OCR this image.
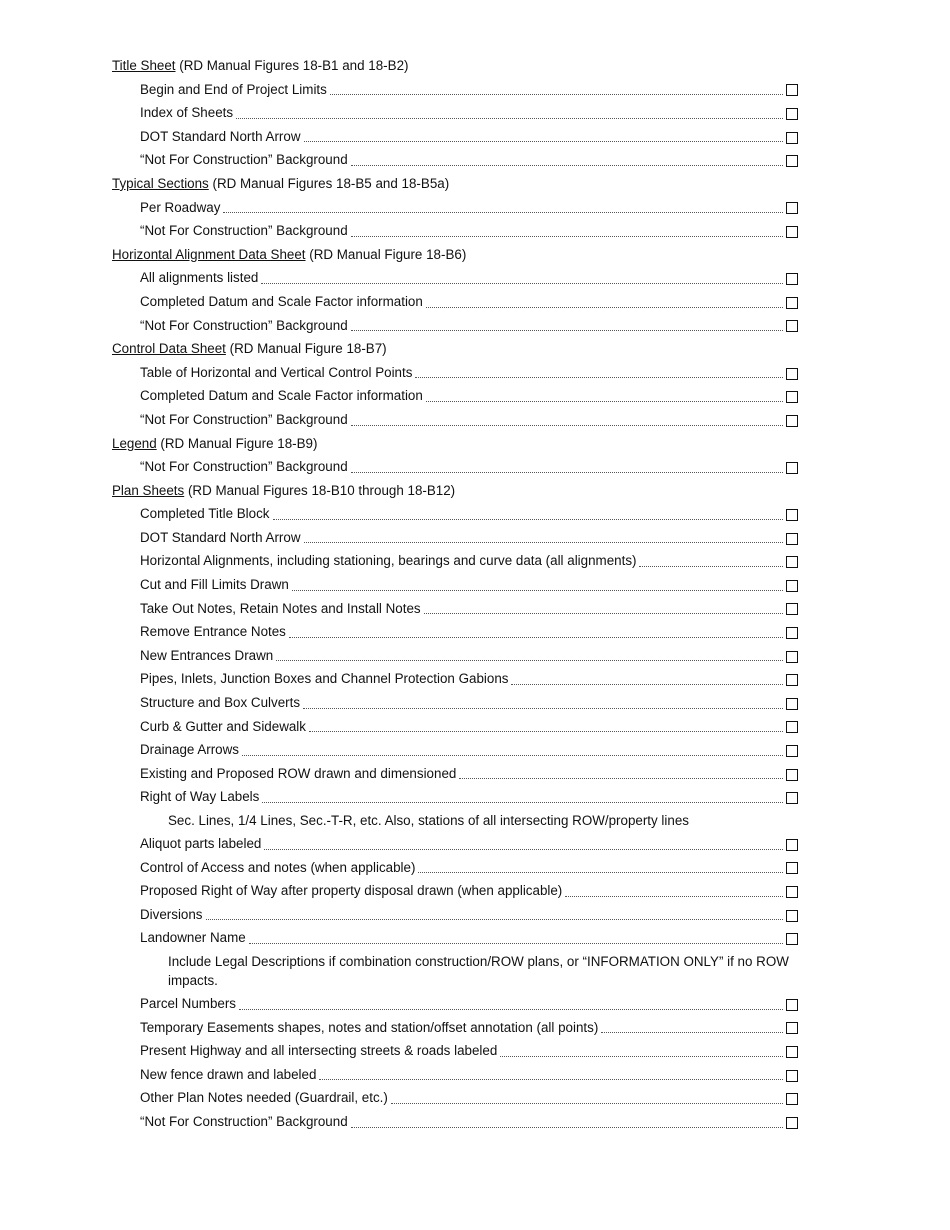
Title Sheet (RD Manual Figures 18-B1 and 18-B2)
Begin and End of Project Limits
Index of Sheets
DOT Standard North Arrow
“Not For Construction” Background
Typical Sections (RD Manual Figures 18-B5 and 18-B5a)
Per Roadway
“Not For Construction” Background
Horizontal Alignment Data Sheet (RD Manual Figure 18-B6)
All alignments listed
Completed Datum and Scale Factor information
“Not For Construction” Background
Control Data Sheet (RD Manual Figure 18-B7)
Table of Horizontal and Vertical Control Points
Completed Datum and Scale Factor information
“Not For Construction” Background
Legend (RD Manual Figure 18-B9)
“Not For Construction” Background
Plan Sheets (RD Manual Figures 18-B10 through 18-B12)
Completed Title Block
DOT Standard North Arrow
Horizontal Alignments, including stationing, bearings and curve data (all alignments)
Cut and Fill Limits Drawn
Take Out Notes, Retain Notes and Install Notes
Remove Entrance Notes
New Entrances Drawn
Pipes, Inlets, Junction Boxes and Channel Protection Gabions
Structure and Box Culverts
Curb & Gutter and Sidewalk
Drainage Arrows
Existing and Proposed ROW drawn and dimensioned
Right of Way Labels
Sec. Lines, 1/4 Lines, Sec.-T-R, etc. Also, stations of all intersecting ROW/property lines
Aliquot parts labeled
Control of Access and notes (when applicable)
Proposed Right of Way after property disposal drawn (when applicable)
Diversions
Landowner Name
Include Legal Descriptions if combination construction/ROW plans, or “INFORMATION ONLY” if no ROW impacts.
Parcel Numbers
Temporary Easements shapes, notes and station/offset annotation (all points)
Present Highway and all intersecting streets & roads labeled
New fence drawn and labeled
Other Plan Notes needed (Guardrail, etc.)
“Not For Construction” Background
